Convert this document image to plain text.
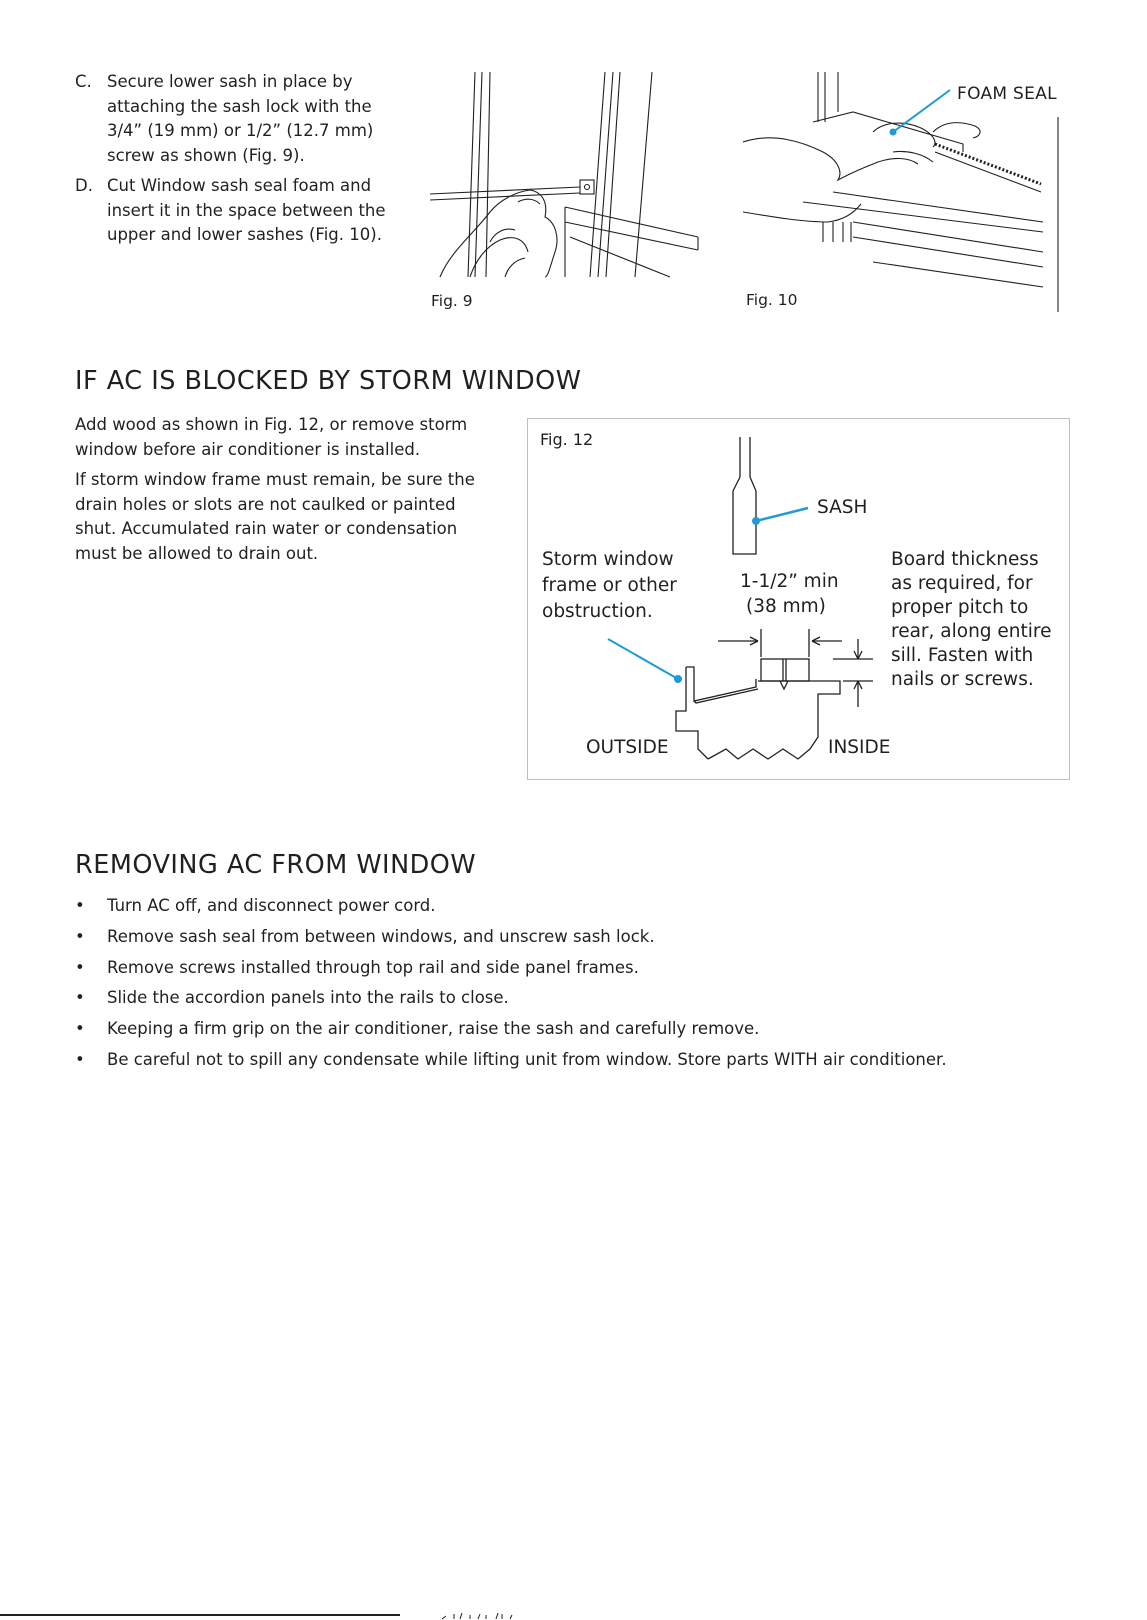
C. Secure lower sash in place by attaching the sash lock with the 3/4” (19 mm) or 1/2” (12.7 mm) screw as shown (Fig. 9).
D. Cut Window sash seal foam and insert it in the space between the upper and lower sashes (Fig. 10).
Fig. 9
FOAM SEAL
Fig. 10
IF AC IS BLOCKED BY STORM WINDOW

Add wood as shown in Fig. 12, or remove storm window before air conditioner is installed.

If storm window frame must remain, be sure the drain holes or slots are not caulked or painted shut. Accumulated rain water or condensation must be allowed to drain out.

Fig. 12
SASH
Storm window
frame or other
obstruction.
1-1/2” min
(38 mm)
Board thickness
as required, for
proper pitch to
rear, along entire
sill. Fasten with
nails or screws.
OUTSIDE	INSIDE
REMOVING AC FROM WINDOW
•	Turn AC off, and disconnect power cord.
•	Remove sash seal from between windows, and unscrew sash lock.
•	Remove screws installed through top rail and side panel frames.
•	Slide the accordion panels into the rails to close.
•	Keeping a firm grip on the air conditioner, raise the sash and carefully remove.
•	Be careful not to spill any condensate while lifting unit from window. Store parts WITH air conditioner.
